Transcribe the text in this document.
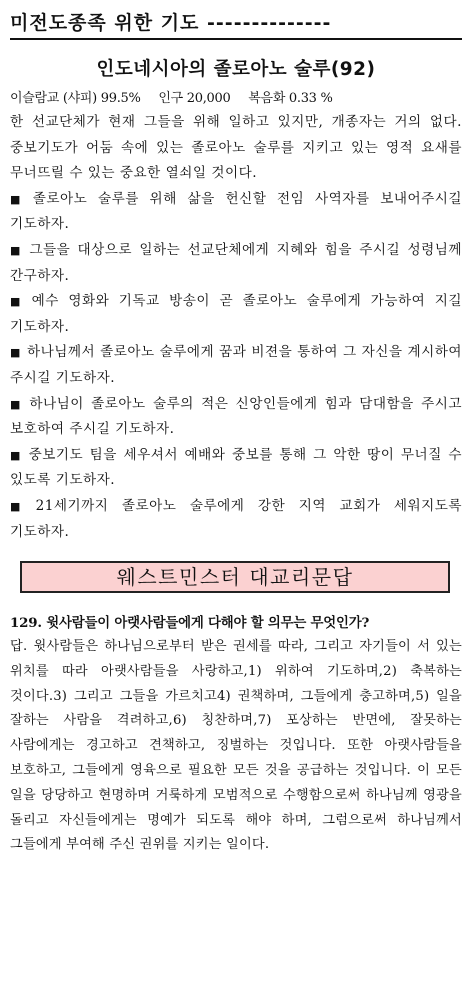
미전도종족 위한 기도 --------------
인도네시아의 졸로아노 술루(92)
이슬람교 (샤피) 99.5% 인구 20,000 복음화 0.33 %
한 선교단체가 현재 그들을 위해 일하고 있지만, 개종자는 거의 없다. 중보기도가 어둠 속에 있는 졸로아노 술루를 지키고 있는 영적 요새를 무너뜨릴 수 있는 중요한 열쇠일 것이다.
■ 졸로아노 술루를 위해 삶을 헌신할 전임 사역자를 보내어주시길 기도하자.
■ 그들을 대상으로 일하는 선교단체에게 지혜와 힘을 주시길 성령님께 간구하자.
■ 예수 영화와 기독교 방송이 곧 졸로아노 술루에게 가능하여 지길 기도하자.
■ 하나님께서 졸로아노 술루에게 꿈과 비젼을 통하여 그 자신을 계시하여 주시길 기도하자.
■ 하나님이 졸로아노 술루의 적은 신앙인들에게 힘과 담대함을 주시고 보호하여 주시길 기도하자.
■ 중보기도 팀을 세우셔서 예배와 중보를 통해 그 악한 땅이 무너질 수 있도록 기도하자.
■ 21세기까지 졸로아노 술루에게 강한 지역 교회가 세워지도록 기도하자.
웨스트민스터 대교리문답
129. 윗사람들이 아랫사람들에게 다해야 할 의무는 무엇인가?
답. 윗사람들은 하나님으로부터 받은 권세를 따라, 그리고 자기들이 서 있는 위치를 따라 아랫사람들을 사랑하고,1) 위하여 기도하며,2) 축복하는 것이다.3) 그리고 그들을 가르치고4) 권책하며, 그들에게 충고하며,5) 일을 잘하는 사람을 격려하고,6) 칭찬하며,7) 포상하는 반면에, 잘못하는 사람에게는 경고하고 견책하고, 징벌하는 것입니다. 또한 아랫사람들을 보호하고, 그들에게 영육으로 필요한 모든 것을 공급하는 것입니다. 이 모든 일을 당당하고 현명하며 거룩하게 모범적으로 수행함으로써 하나님께 영광을 돌리고 자신들에게는 명예가 되도록 해야 하며, 그럼으로써 하나님께서 그들에게 부여해 주신 권위를 지키는 일이다.
